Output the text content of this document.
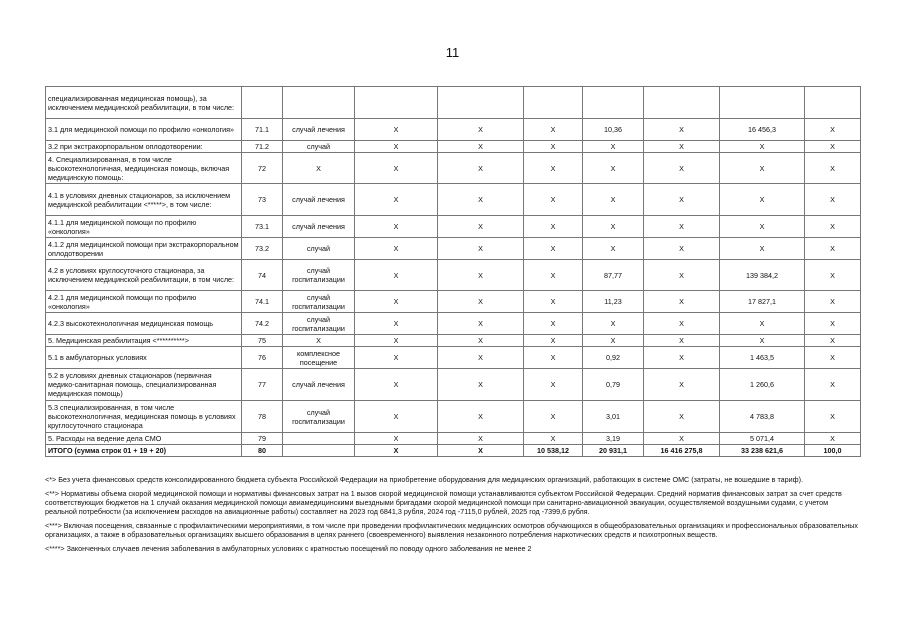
11
специализированная медицинская помощь), за исключением медицинской реабилитации, в том числе:									
3.1 для медицинской помощи по профилю «онкология»	71.1	случай лечения	X	X	X	10,36	X	16 456,3	X
3.2 при экстракорпоральном оплодотворении:	71.2	случай	X	X	X	X	X	X	X
4. Специализированная, в том числе высокотехнологичная, медицинская помощь, включая медицинскую помощь:	72	X	X	X	X	X	X	X	X
4.1 в условиях дневных стационаров, за исключением медицинской реабилитации <*****>, в том числе:	73	случай лечения	X	X	X	X	X	X	X
4.1.1 для медицинской помощи по профилю «онкология»	73.1	случай лечения	X	X	X	X	X	X	X
4.1.2 для медицинской помощи при экстракорпоральном оплодотворении	73.2	случай	X	X	X	X	X	X	X
4.2 в условиях круглосуточного стационара, за исключением медицинской реабилитации, в том числе:	74	случай госпитализации	X	X	X	87,77	X	139 384,2	X
4.2.1 для медицинской помощи по профилю «онкология»	74.1	случай госпитализации	X	X	X	11,23	X	17 827,1	X
4.2.3 высокотехнологичная медицинская помощь	74.2	случай госпитализации	X	X	X	X	X	X	X
5. Медицинская реабилитация <**********>	75	X	X	X	X	X	X	X	X
5.1 в амбулаторных условиях	76	комплексное посещение	X	X	X	0,92	X	1 463,5	X
5.2 в условиях дневных стационаров (первичная медико-санитарная помощь, специализированная медицинская помощь)	77	случай лечения	X	X	X	0,79	X	1 260,6	X
5.3 специализированная, в том числе высокотехнологичная, медицинская помощь в условиях круглосуточного стационара	78	случай госпитализации	X	X	X	3,01	X	4 783,8	X
5. Расходы на ведение дела СМО	79		X	X	X	3,19	X	5 071,4	X
ИТОГО (сумма строк 01 + 19 + 20)	80		X	X	10 538,12	20 931,1	16 416 275,8	33 238 621,6	100,0

<*> Без учета финансовых средств консолидированного бюджета субъекта Российской Федерации на приобретение оборудования для медицинских организаций, работающих в системе ОМС (затраты, не вошедшие в тариф).

<**> Нормативы объема скорой медицинской помощи и нормативы финансовых затрат на 1 вызов скорой медицинской помощи устанавливаются субъектом Российской Федерации. Средний норматив финансовых затрат за счет средств соответствующих бюджетов на 1 случай оказания медицинской помощи авиамедицинскими выездными бригадами скорой медицинской помощи при санитарно-авиационной эвакуации, осуществляемой воздушными судами, с учетом реальной потребности (за исключением расходов на авиационные работы) составляет на 2023 год 6841,3 рубля, 2024 год -7115,0 рублей, 2025 год -7399,6 рубля.

<***> Включая посещения, связанные с профилактическими мероприятиями, в том числе при проведении профилактических медицинских осмотров обучающихся в общеобразовательных организациях и профессиональных образовательных организациях, а также в образовательных организациях высшего образования в целях раннего (своевременного) выявления незаконного потребления наркотических средств и психотропных веществ.

<****> Законченных случаев лечения заболевания в амбулаторных условиях с кратностью посещений по поводу одного заболевания не менее 2
